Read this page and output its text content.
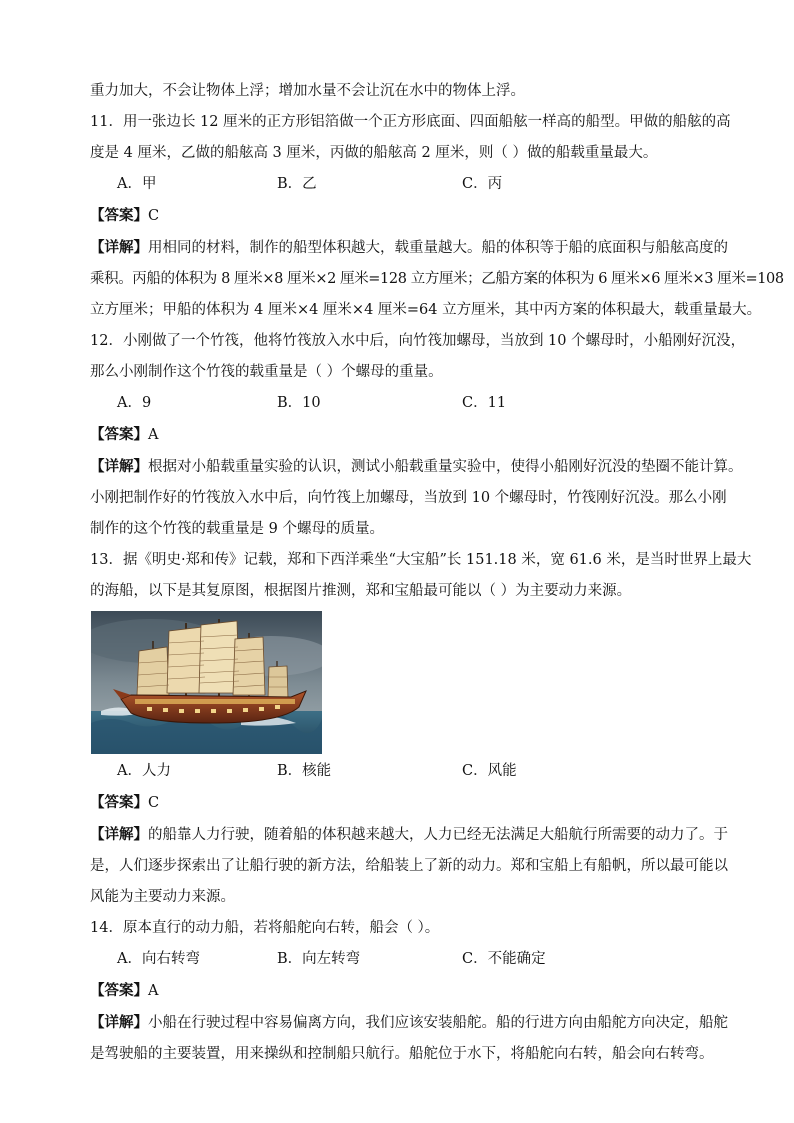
重力加大，不会让物体上浮；增加水量不会让沉在水中的物体上浮。

11．用一张边长 12 厘米的正方形铝箔做一个正方形底面、四面船舷一样高的船型。甲做的船舷的高

度是 4 厘米，乙做的船舷高 3 厘米，丙做的船舷高 2 厘米，则（ ）做的船载重量最大。

A．甲	B．乙	C．丙

【答案】C

【详解】用相同的材料，制作的船型体积越大，载重量越大。船的体积等于船的底面积与船舷高度的

乘积。丙船的体积为 8 厘米×8 厘米×2 厘米=128 立方厘米；乙船方案的体积为 6 厘米×6 厘米×3 厘米=108

立方厘米；甲船的体积为 4 厘米×4 厘米×4 厘米=64 立方厘米，其中丙方案的体积最大，载重量最大。

12．小刚做了一个竹筏，他将竹筏放入水中后，向竹筏加螺母，当放到 10 个螺母时，小船刚好沉没，

那么小刚制作这个竹筏的载重量是（ ）个螺母的重量。

A．9	B．10	C．11

【答案】A

【详解】根据对小船载重量实验的认识，测试小船载重量实验中，使得小船刚好沉没的垫圈不能计算。

小刚把制作好的竹筏放入水中后，向竹筏上加螺母，当放到 10 个螺母时，竹筏刚好沉没。那么小刚

制作的这个竹筏的载重量是 9 个螺母的质量。

13．据《明史·郑和传》记载，郑和下西洋乘坐“大宝船”长 151.18 米，宽 61.6 米，是当时世界上最大

的海船，以下是其复原图，根据图片推测，郑和宝船最可能以（ ）为主要动力来源。

A．人力	B．核能	C．风能

【答案】C

【详解】的船靠人力行驶，随着船的体积越来越大，人力已经无法满足大船航行所需要的动力了。于

是，人们逐步探索出了让船行驶的新方法，给船装上了新的动力。郑和宝船上有船帆，所以最可能以

风能为主要动力来源。

14．原本直行的动力船，若将船舵向右转，船会（ ）。

A．向右转弯	B．向左转弯	C．不能确定

【答案】A

【详解】小船在行驶过程中容易偏离方向，我们应该安装船舵。船的行进方向由船舵方向决定，船舵

是驾驶船的主要装置，用来操纵和控制船只航行。船舵位于水下，将船舵向右转，船会向右转弯。
